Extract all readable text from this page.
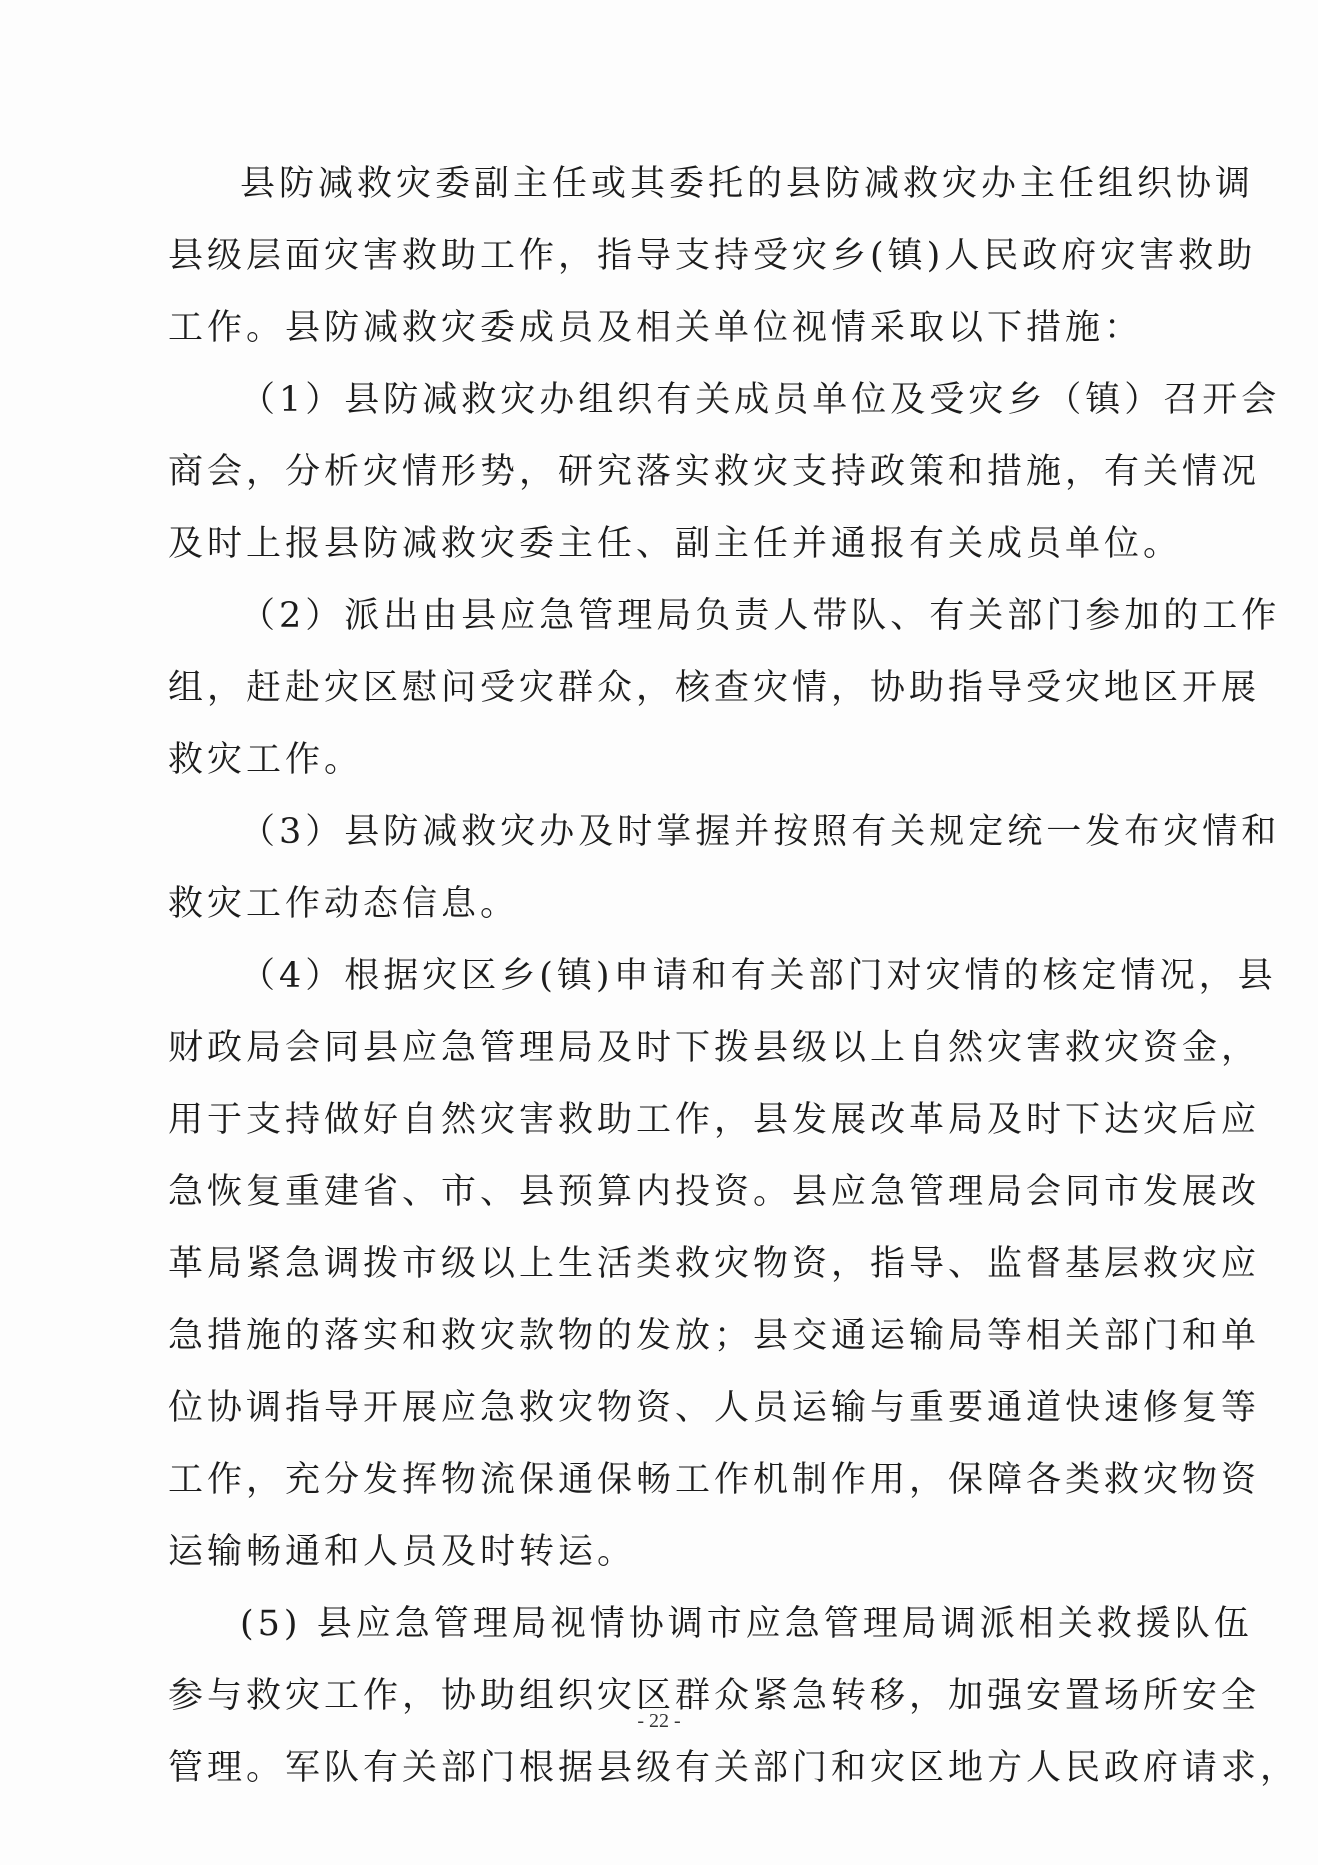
县防减救灾委副主任或其委托的县防减救灾办主任组织协调
县级层面灾害救助工作，指导支持受灾乡(镇)人民政府灾害救助
工作。县防减救灾委成员及相关单位视情采取以下措施：
（1）县防减救灾办组织有关成员单位及受灾乡（镇）召开会
商会，分析灾情形势，研究落实救灾支持政策和措施，有关情况
及时上报县防减救灾委主任、副主任并通报有关成员单位。
（2）派出由县应急管理局负责人带队、有关部门参加的工作
组，赶赴灾区慰问受灾群众，核查灾情，协助指导受灾地区开展
救灾工作。
（3）县防减救灾办及时掌握并按照有关规定统一发布灾情和
救灾工作动态信息。
（4）根据灾区乡(镇)申请和有关部门对灾情的核定情况，县
财政局会同县应急管理局及时下拨县级以上自然灾害救灾资金，
用于支持做好自然灾害救助工作，县发展改革局及时下达灾后应
急恢复重建省、市、县预算内投资。县应急管理局会同市发展改
革局紧急调拨市级以上生活类救灾物资，指导、监督基层救灾应
急措施的落实和救灾款物的发放；县交通运输局等相关部门和单
位协调指导开展应急救灾物资、人员运输与重要通道快速修复等
工作，充分发挥物流保通保畅工作机制作用，保障各类救灾物资
运输畅通和人员及时转运。
(5) 县应急管理局视情协调市应急管理局调派相关救援队伍
参与救灾工作，协助组织灾区群众紧急转移，加强安置场所安全
管理。军队有关部门根据县级有关部门和灾区地方人民政府请求，
- 22 -
